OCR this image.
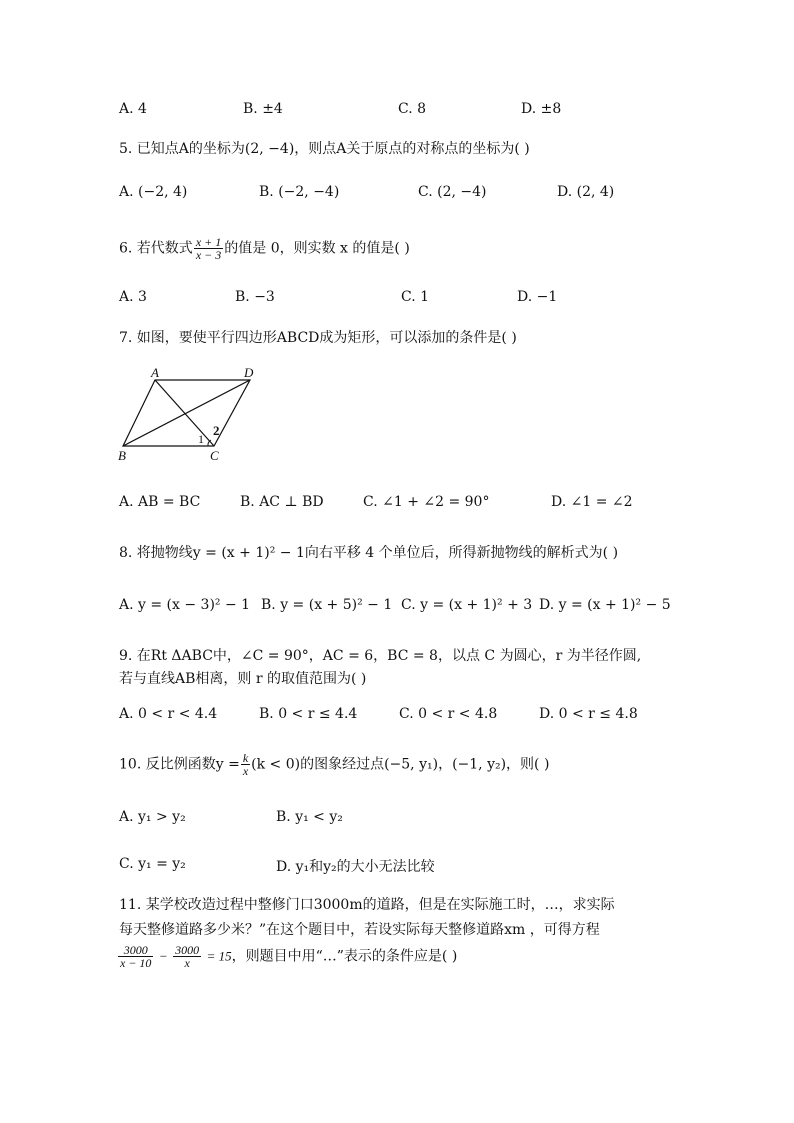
A. 4	B. ±4	C. 8	D. ±8
5. 已知点A的坐标为(2, −4)，则点A关于原点的对称点的坐标为( )
A. (−2, 4)	B. (−2, −4)	C. (2, −4)	D. (2, 4)
6. 若代数式 $\frac{x + 1}{x - 3}$ 的值是 0，则实数 x 的值是( )
A. 3	B. −3	C. 1	D. −1
7. 如图，要使平行四边形ABCD成为矩形，可以添加的条件是( )
A	D
B	C
1
2
A. AB = BC	B. AC ⊥ BD	C. ∠1 + ∠2 = 90°	D. ∠1 = ∠2
8. 将抛物线y = (x + 1)² − 1向右平移 4 个单位后，所得新抛物线的解析式为( )
A. y = (x − 3)² − 1 B. y = (x + 5)² − 1 C. y = (x + 1)² + 3 D. y = (x + 1)² − 5
9. 在Rt ΔABC中，∠C = 90°，AC = 6，BC = 8，以点 C 为圆心，r 为半径作圆,
若与直线AB相离，则 r 的取值范围为( )
A. 0 < r < 4.4	B. 0 < r ≤ 4.4	C. 0 < r < 4.8	D. 0 < r ≤ 4.8
10. 反比例函数$y = \frac{k}{x} (k < 0)$的图象经过点(−5, y₁)，(−1, y₂)，则( )
A. y₁ > y₂	B. y₁ < y₂
C. y₁ = y₂	D. y₁和y₂的大小无法比较
11. 某学校改造过程中整修门口3000m的道路，但是在实际施工时，…，求实际
每天整修道路多少米？”在这个题目中，若设实际每天整修道路xm ，可得方程
$\frac{3000}{x - 10} - \frac{3000}{x} = 15$，则题目中用“…”表示的条件应是( )
